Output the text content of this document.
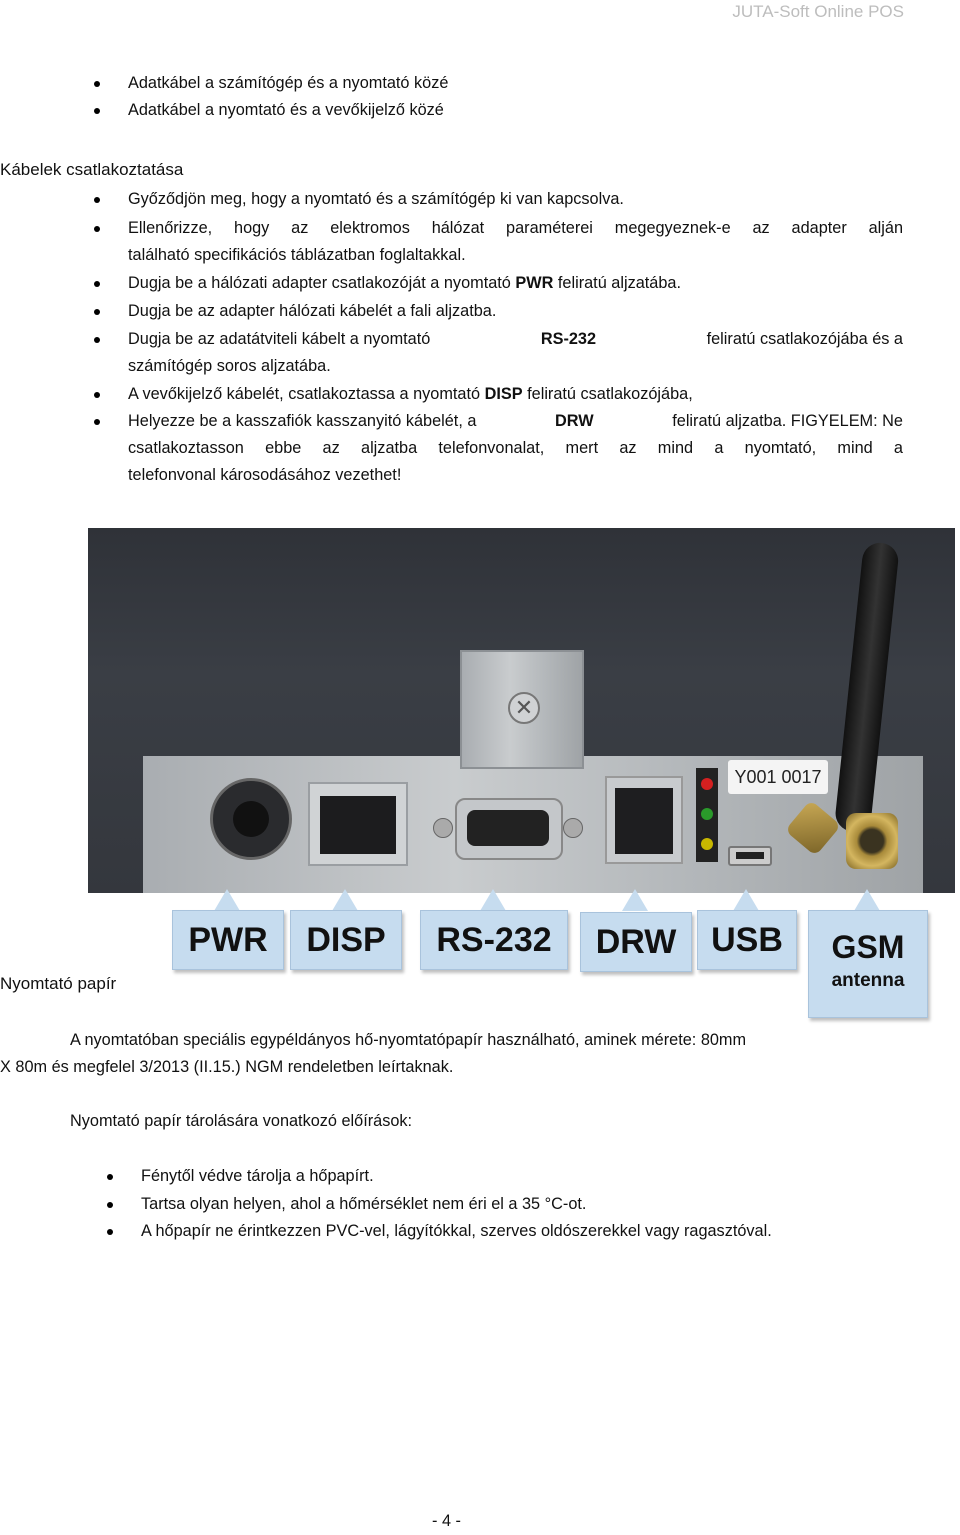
JUTA-Soft Online POS
Adatkábel a számítógép és a nyomtató közé
Adatkábel a nyomtató és a vevőkijelző közé
Kábelek csatlakoztatása
Győződjön meg, hogy a nyomtató és a számítógép ki van kapcsolva.
Ellenőrizze, hogy az elektromos hálózat paraméterei megegyeznek-e az adapter alján
található specifikációs táblázatban foglaltakkal.
Dugja be a hálózati adapter csatlakozóját a nyomtató PWR feliratú aljzatába.
Dugja be az adapter hálózati kábelét a fali aljzatba.
Dugja be az adatátviteli kábelt a nyomtató	RS-232	feliratú csatlakozójába és a
számítógép soros aljzatába.
A vevőkijelző kábelét, csatlakoztassa a nyomtató DISP feliratú csatlakozójába,
Helyezze be a kasszafiók kasszanyitó kábelét, a	DRW	feliratú aljzatba. FIGYELEM: Ne
csatlakoztasson ebbe az aljzatba telefonvonalat, mert az mind a nyomtató, mind a
telefonvonal károsodásához vezethet!
✕
Y001 0017
PWR	DISP	RS-232	DRW	USB	GSM
antenna
Nyomtató papír
A nyomtatóban speciális egypéldányos hő-nyomtatópapír használható, aminek mérete: 80mm
X 80m és megfelel 3/2013 (II.15.) NGM rendeletben leírtaknak.
Nyomtató papír tárolására vonatkozó előírások:
Fénytől védve tárolja a hőpapírt.
Tartsa olyan helyen, ahol a hőmérséklet nem éri el a 35 °C-ot.
A hőpapír ne érintkezzen PVC-vel, lágyítókkal, szerves oldószerekkel vagy ragasztóval.
- 4 -
